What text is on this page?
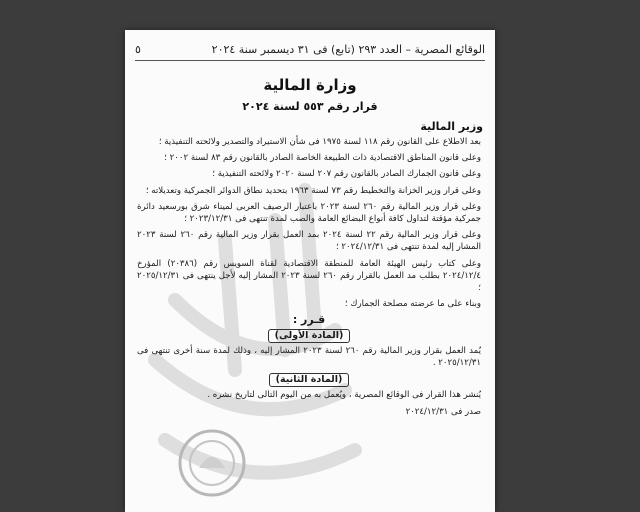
الوقائع المصرية – العدد ٢٩٣ (تابع) فى ٣١ ديسمبر سنة ٢٠٢٤
٥
وزارة المالية
قرار رقم ٥٥٣ لسنة ٢٠٢٤
وزير المالية

بعد الاطلاع على القانون رقم ١١٨ لسنة ١٩٧٥ فى شأن الاستيراد والتصدير ولائحته التنفيذية ؛

وعلى قانون المناطق الاقتصادية ذات الطبيعة الخاصة الصادر بالقانون رقم ٨٣ لسنة ٢٠٠٢ ؛

وعلى قانون الجمارك الصادر بالقانون رقم ٢٠٧ لسنة ٢٠٢٠ ولائحته التنفيذية ؛

وعلى قرار وزير الخزانة والتخطيط رقم ٧٣ لسنة ١٩٦٣ بتحديد نطاق الدوائر الجمركية وتعديلاته ؛

وعلى قرار وزير المالية رقم ٢٦٠ لسنة ٢٠٢٣ باعتبار الرصيف العربى لميناء شرق بورسعيد دائرة جمركية مؤقتة لتداول كافة أنواع البضائع العامة والصب لمدة تنتهى فى ٢٠٢٣/١٢/٣١ ؛

وعلى قرار وزير المالية رقم ٢٢ لسنة ٢٠٢٤ بمد العمل بقرار وزير المالية رقم ٢٦٠ لسنة ٢٠٢٣ المشار إليه لمدة تنتهى فى ٢٠٢٤/١٢/٣١ ؛

وعلى كتاب رئيس الهيئة العامة للمنطقة الاقتصادية لقناة السويس رقم (٢٠٣٨٦) المؤرخ ٢٠٢٤/١٢/٤ بطلب مد العمل بالقرار رقم ٢٦٠ لسنة ٢٠٢٣ المشار إليه لأجل ينتهى فى ٢٠٢٥/١٢/٣١ ؛

وبناء على ما عرضته مصلحة الجمارك ؛

قـرر :
(المادة الأولى)

يُمد العمل بقرار وزير المالية رقم ٢٦٠ لسنة ٢٠٢٣ المشار إليه ، وذلك لمدة سنة أخرى تنتهى فى ٢٠٢٥/١٢/٣١ .

(المادة الثانية)

يُنشر هذا القرار فى الوقائع المصرية ، ويُعمل به من اليوم التالى لتاريخ نشره .

صدر فى ٢٠٢٤/١٢/٣١
